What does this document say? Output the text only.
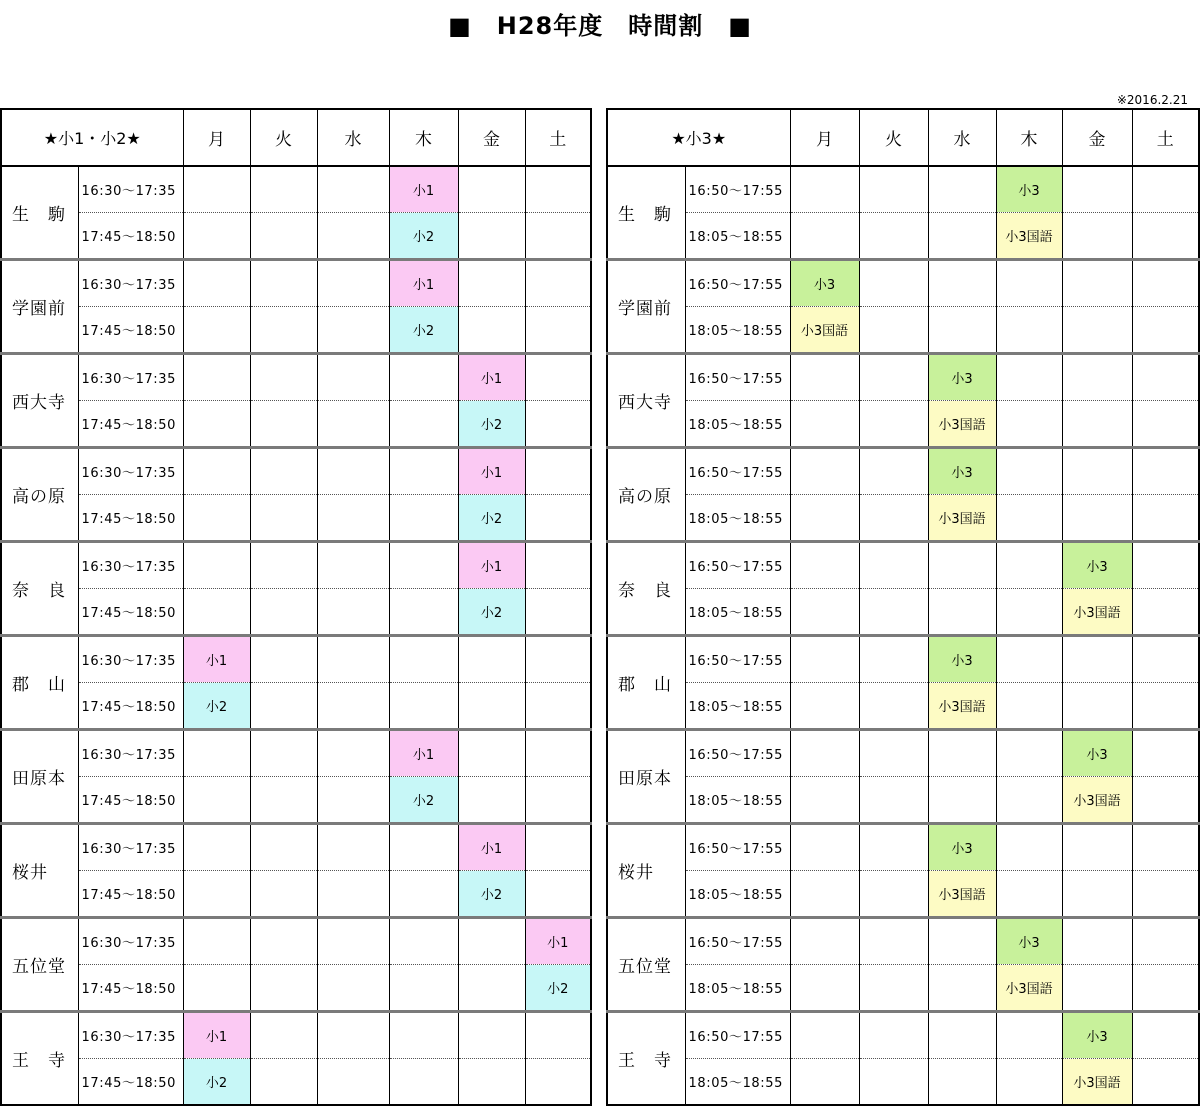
■　H28年度　時間割　■
※2016.2.21
★小1・小2★		月	火	水	木	金	土
生　駒	16:30〜17:35				小1		
	17:45〜18:50				小2		
学園前	16:30〜17:35				小1		
	17:45〜18:50				小2		
西大寺	16:30〜17:35					小1	
	17:45〜18:50					小2	
高の原	16:30〜17:35					小1	
	17:45〜18:50					小2	
奈　良	16:30〜17:35					小1	
	17:45〜18:50					小2	
郡　山	16:30〜17:35	小1					
	17:45〜18:50	小2					
田原本	16:30〜17:35				小1		
	17:45〜18:50				小2		
桜井	16:30〜17:35					小1	
	17:45〜18:50					小2	
五位堂	16:30〜17:35						小1
	17:45〜18:50						小2
王　寺	16:30〜17:35	小1					
	17:45〜18:50	小2					
★小3★		月	火	水	木	金	土
生　駒	16:50〜17:55				小3		
	18:05〜18:55				小3国語		
学園前	16:50〜17:55	小3					
	18:05〜18:55	小3国語					
西大寺	16:50〜17:55			小3			
	18:05〜18:55			小3国語			
高の原	16:50〜17:55			小3			
	18:05〜18:55			小3国語			
奈　良	16:50〜17:55					小3	
	18:05〜18:55					小3国語	
郡　山	16:50〜17:55			小3			
	18:05〜18:55			小3国語			
田原本	16:50〜17:55					小3	
	18:05〜18:55					小3国語	
桜井	16:50〜17:55			小3			
	18:05〜18:55			小3国語			
五位堂	16:50〜17:55				小3		
	18:05〜18:55				小3国語		
王　寺	16:50〜17:55					小3	
	18:05〜18:55					小3国語	
